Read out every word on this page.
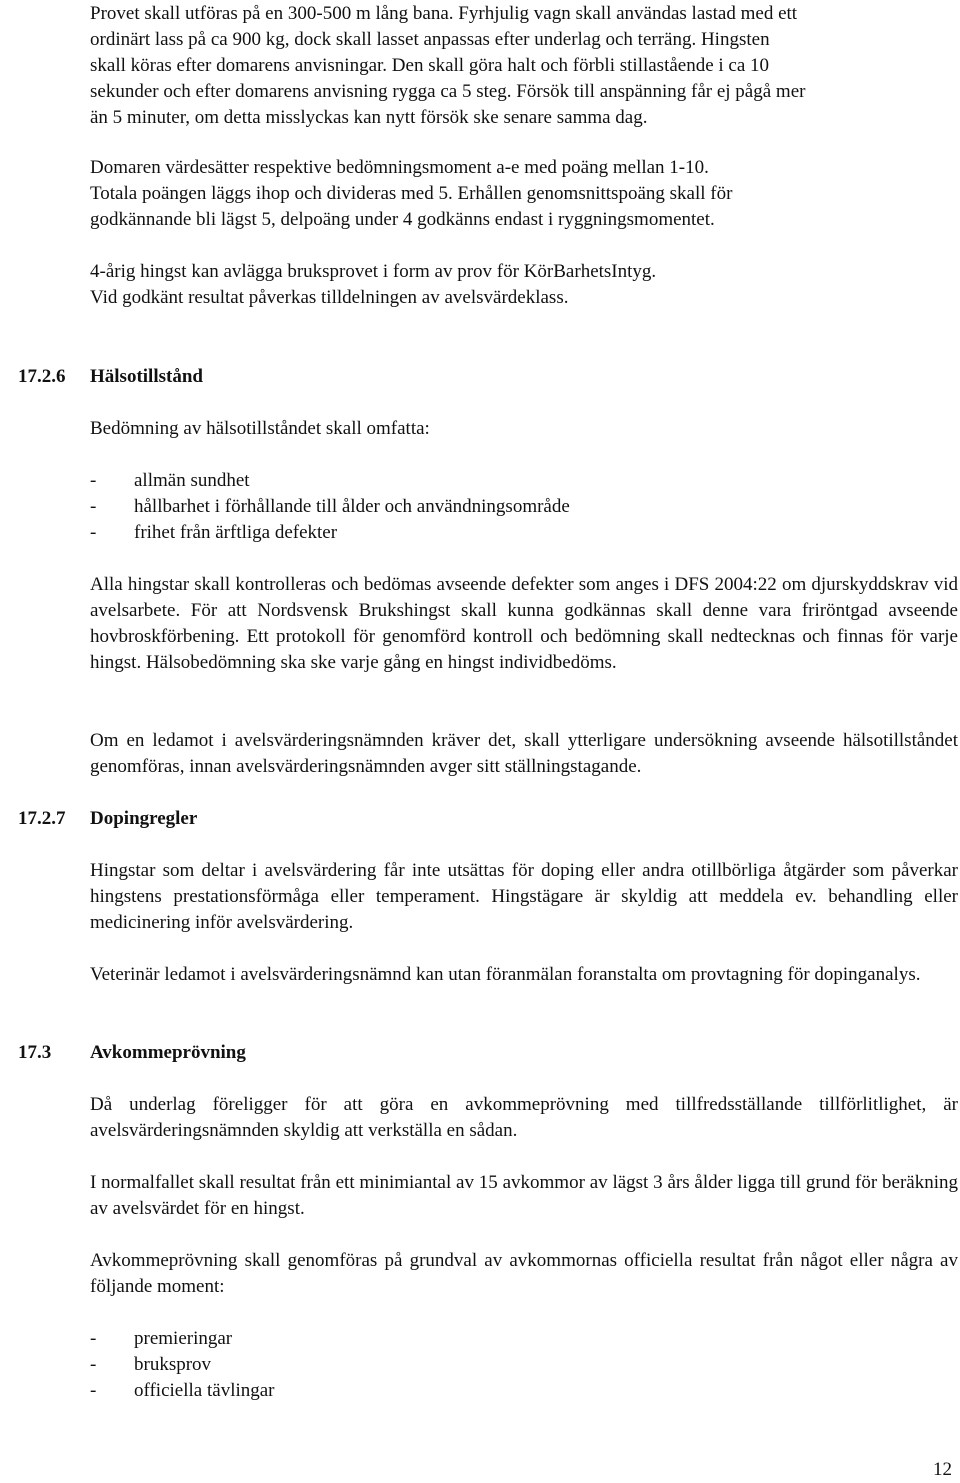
Provet skall utföras på en 300-500 m lång bana. Fyrhjulig vagn skall användas lastad med ett

ordinärt lass på ca 900 kg, dock skall lasset anpassas efter underlag och terräng. Hingsten

skall köras efter domarens anvisningar. Den skall göra halt och förbli stillastående i ca 10

sekunder och efter domarens anvisning rygga ca 5 steg. Försök till anspänning får ej pågå mer

än 5 minuter, om detta misslyckas kan nytt försök ske senare samma dag.

Domaren värdesätter respektive bedömningsmoment a-e med poäng mellan 1-10.

Totala poängen läggs ihop och divideras med 5. Erhållen genomsnittspoäng skall för

godkännande bli lägst 5, delpoäng under 4 godkänns endast i ryggningsmomentet.

4-årig hingst kan avlägga bruksprovet i form av prov för KörBarhetsIntyg.

Vid godkänt resultat påverkas tilldelningen av avelsvärdeklass.

17.2.6 Hälsotillstånd

Bedömning av hälsotillståndet skall omfatta:

- allmän sundhet
- hållbarhet i förhållande till ålder och användningsområde
- frihet från ärftliga defekter

Alla hingstar skall kontrolleras och bedömas avseende defekter som anges i DFS 2004:22 om djurskyddskrav vid avelsarbete. För att Nordsvensk Brukshingst skall kunna godkännas skall denne vara friröntgad avseende hovbroskförbening. Ett protokoll för genomförd kontroll och bedömning skall nedtecknas och finnas för varje hingst. Hälsobedömning ska ske varje gång en hingst individbedöms.

Om en ledamot i avelsvärderingsnämnden kräver det, skall ytterligare undersökning avseende hälsotillståndet genomföras, innan avelsvärderingsnämnden avger sitt ställningstagande.

17.2.7 Dopingregler

Hingstar som deltar i avelsvärdering får inte utsättas för doping eller andra otillbörliga åtgärder som påverkar hingstens prestationsförmåga eller temperament. Hingstägare är skyldig att meddela ev. behandling eller medicinering inför avelsvärdering.

Veterinär ledamot i avelsvärderingsnämnd kan utan föranmälan foranstalta om provtagning för dopinganalys.

17.3 Avkommeprövning

Då underlag föreligger för att göra en avkommeprövning med tillfredsställande tillförlitlighet, är avelsvärderingsnämnden skyldig att verkställa en sådan.

I normalfallet skall resultat från ett minimiantal av 15 avkommor av lägst 3 års ålder ligga till grund för beräkning av avelsvärdet för en hingst.

Avkommeprövning skall genomföras på grundval av avkommornas officiella resultat från något eller några av följande moment:

- premieringar
- bruksprov
- officiella tävlingar
12
